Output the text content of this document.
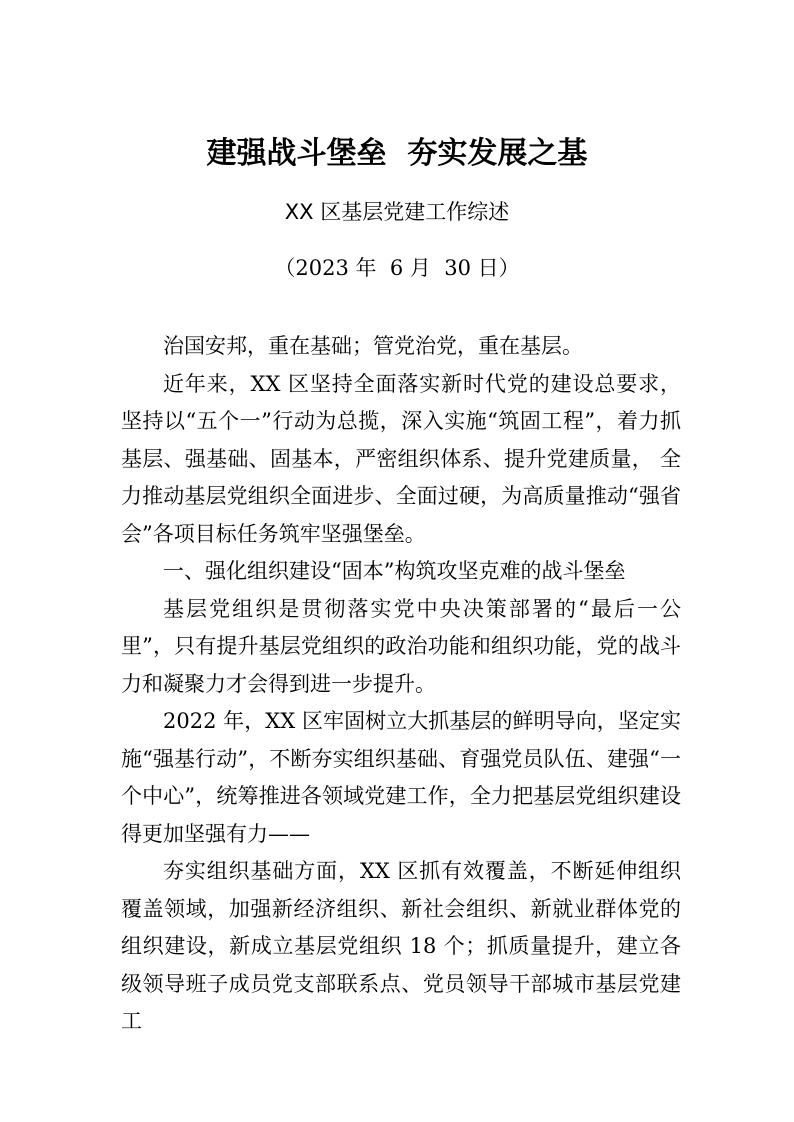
建强战斗堡垒  夯实发展之基
XX 区基层党建工作综述
（2023 年  6 月  30 日）

治国安邦，重在基础；管党治党，重在基层。

近年来，XX 区坚持全面落实新时代党的建设总要求，坚持以“五个一”行动为总揽，深入实施“筑固工程”，着力抓基层、强基础、固基本，严密组织体系、提升党建质量， 全力推动基层党组织全面进步、全面过硬，为高质量推动“强省会”各项目标任务筑牢坚强堡垒。

一、强化组织建设“固本”构筑攻坚克难的战斗堡垒

基层党组织是贯彻落实党中央决策部署的“最后一公里”，只有提升基层党组织的政治功能和组织功能，党的战斗力和凝聚力才会得到进一步提升。

2022 年，XX 区牢固树立大抓基层的鲜明导向，坚定实施“强基行动”，不断夯实组织基础、育强党员队伍、建强“一个中心”，统筹推进各领域党建工作，全力把基层党组织建设得更加坚强有力——

夯实组织基础方面，XX 区抓有效覆盖，不断延伸组织覆盖领域，加强新经济组织、新社会组织、新就业群体党的组织建设，新成立基层党组织 18 个；抓质量提升，建立各级领导班子成员党支部联系点、党员领导干部城市基层党建工
